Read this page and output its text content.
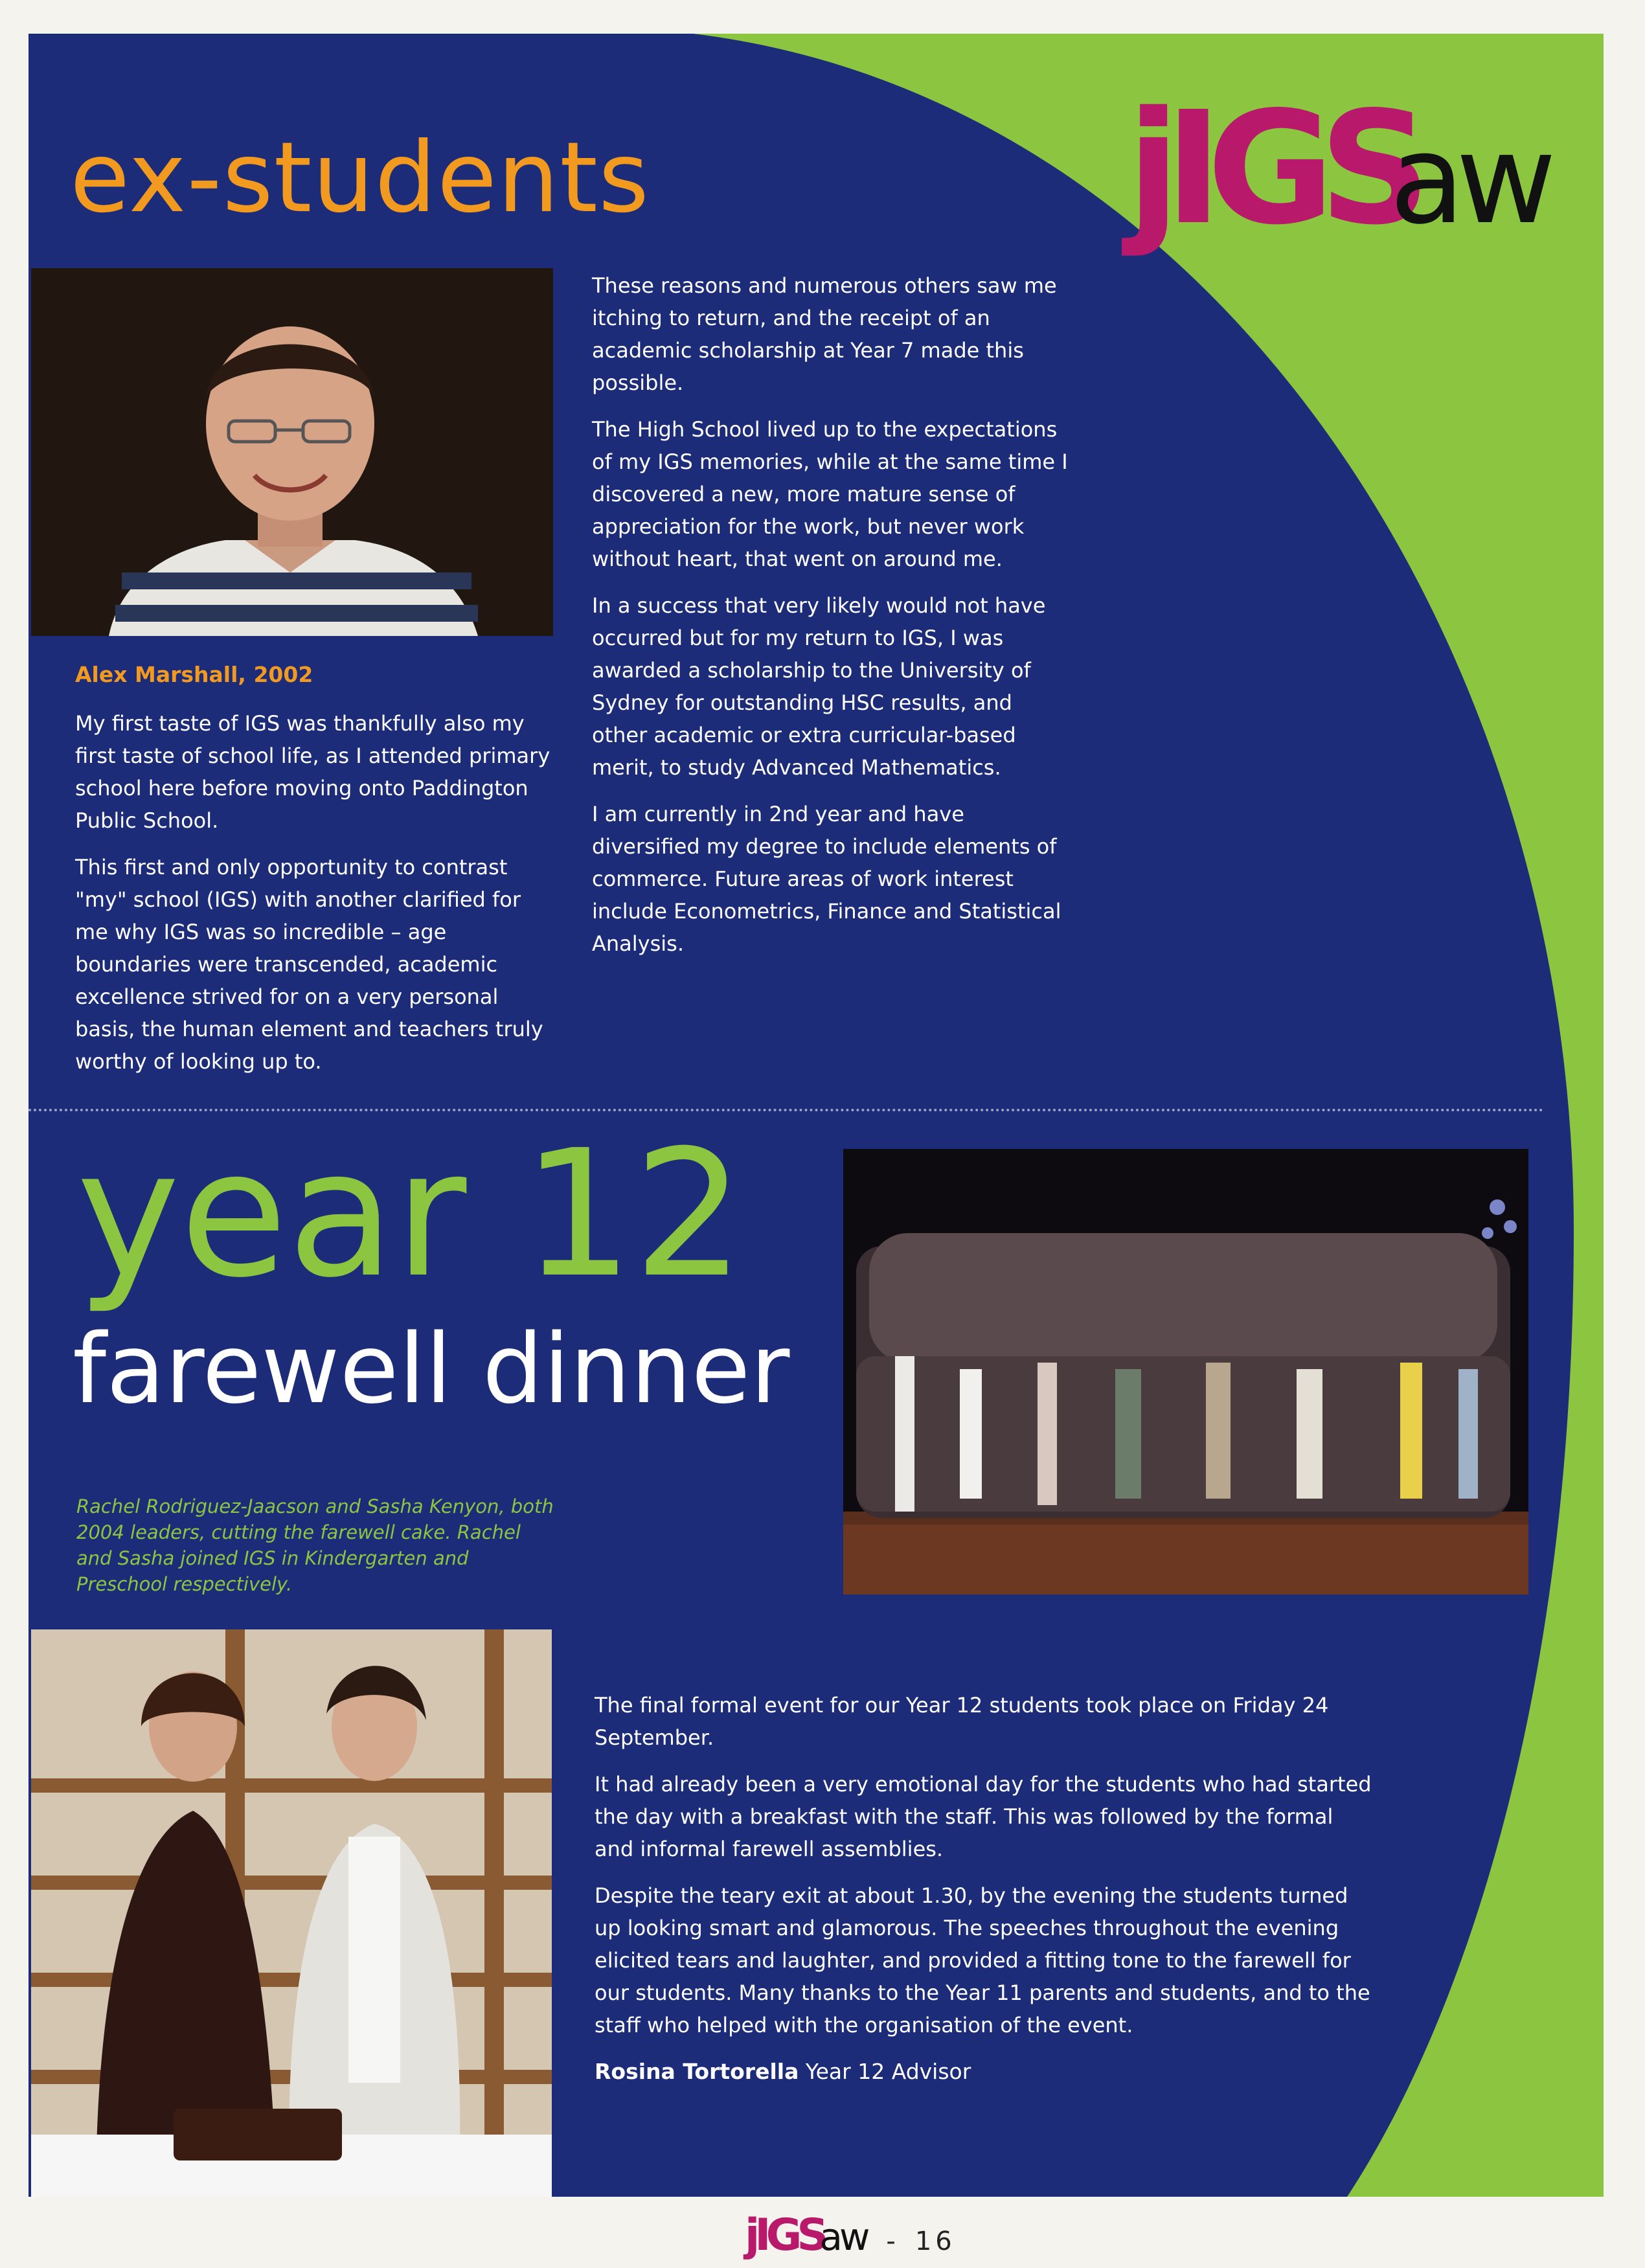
ex-students	jIGSaw

Alex Marshall, 2002

My first taste of IGS was thankfully also my first taste of school life, as I attended primary school here before moving onto Paddington Public School.

This first and only opportunity to contrast "my" school (IGS) with another clarified for me why IGS was so incredible – age boundaries were transcended, academic excellence strived for on a very personal basis, the human element and teachers truly worthy of looking up to.

These reasons and numerous others saw me itching to return, and the receipt of an academic scholarship at Year 7 made this possible.

The High School lived up to the expectations of my IGS memories, while at the same time I discovered a new, more mature sense of appreciation for the work, but never work without heart, that went on around me.

In a success that very likely would not have occurred but for my return to IGS, I was awarded a scholarship to the University of Sydney for outstanding HSC results, and other academic or extra curricular-based merit, to study Advanced Mathematics.

I am currently in 2nd year and have diversified my degree to include elements of commerce. Future areas of work interest include Econometrics, Finance and Statistical Analysis.

year 12
farewell dinner

Rachel Rodriguez-Jaacson and Sasha Kenyon, both 2004 leaders, cutting the farewell cake. Rachel and Sasha joined IGS in Kindergarten and Preschool respectively.

The final formal event for our Year 12 students took place on Friday 24 September.

It had already been a very emotional day for the students who had started the day with a breakfast with the staff. This was followed by the formal and informal farewell assemblies.

Despite the teary exit at about 1.30, by the evening the students turned up looking smart and glamorous. The speeches throughout the evening elicited tears and laughter, and provided a fitting tone to the farewell for our students. Many thanks to the Year 11 parents and students, and to the staff who helped with the organisation of the event.

Rosina Tortorella Year 12 Advisor

jIGSaw - 16
